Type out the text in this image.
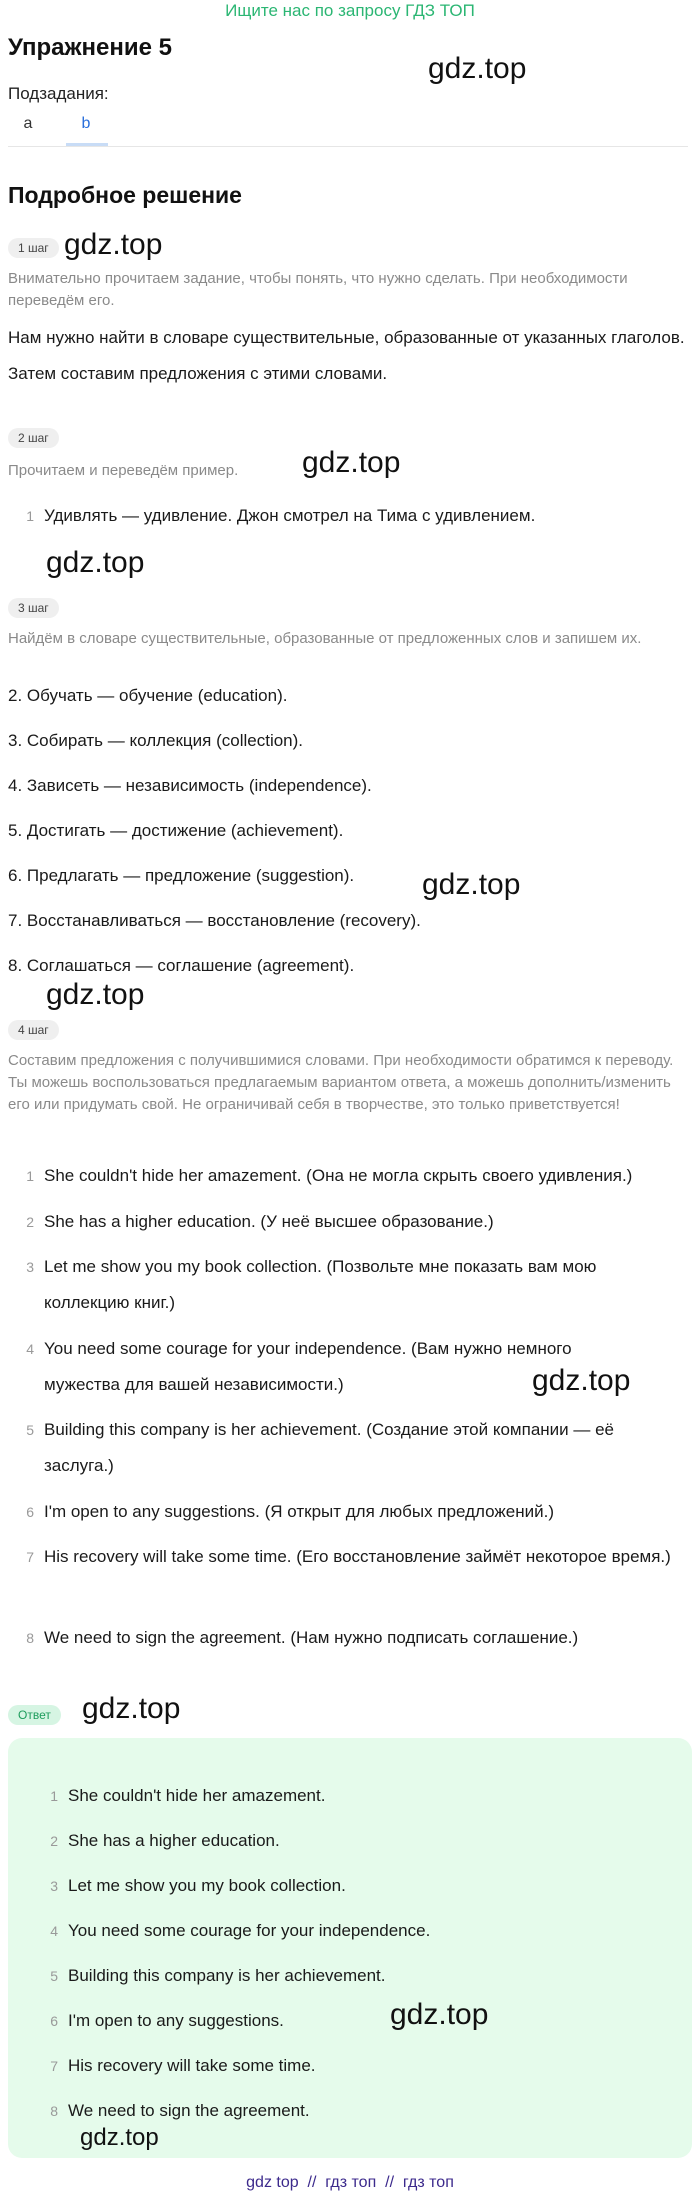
Ищите нас по запросу ГДЗ ТОП
Упражнение 5
gdz.top
Подзадания:
a	b
Подробное решение
1 шаг gdz.top
Внимательно прочитаем задание, чтобы понять, что нужно сделать. При необходимости переведём его.
Нам нужно найти в словаре существительные, образованные от указанных глаголов. Затем составим предложения с этими словами.
2 шаг
Прочитаем и переведём пример.	gdz.top
1 Удивлять — удивление. Джон смотрел на Тима с удивлением.
gdz.top
3 шаг
Найдём в словаре существительные, образованные от предложенных слов и запишем их.
2. Обучать — обучение (education).
3. Собирать — коллекция (collection).
4. Зависеть — независимость (independence).
5. Достигать — достижение (achievement).
6. Предлагать — предложение (suggestion). gdz.top
7. Восстанавливаться — восстановление (recovery).
8. Соглашаться — соглашение (agreement).
gdz.top
4 шаг
Составим предложения с получившимися словами. При необходимости обратимся к переводу. Ты можешь воспользоваться предлагаемым вариантом ответа, а можешь дополнить/изменить его или придумать свой. Не ограничивай себя в творчестве, это только приветствуется!
1 She couldn't hide her amazement. (Она не могла скрыть своего удивления.)
2 She has a higher education. (У неё высшее образование.)
3 Let me show you my book collection. (Позвольте мне показать вам мою коллекцию книг.)
4 You need some courage for your independence. (Вам нужно немного мужества для вашей независимости.)	gdz.top
5 Building this company is her achievement. (Создание этой компании — её заслуга.)
6 I'm open to any suggestions. (Я открыт для любых предложений.)
7 His recovery will take some time. (Его восстановление займёт некоторое время.)
8 We need to sign the agreement. (Нам нужно подписать соглашение.)
Ответ	gdz.top
1 She couldn't hide her amazement.
2 She has a higher education.
3 Let me show you my book collection.
4 You need some courage for your independence.
5 Building this company is her achievement.
6 I'm open to any suggestions.	gdz.top
7 His recovery will take some time.
8 We need to sign the agreement.
gdz.top
gdz top  //  гдз топ  //  гдз топ
